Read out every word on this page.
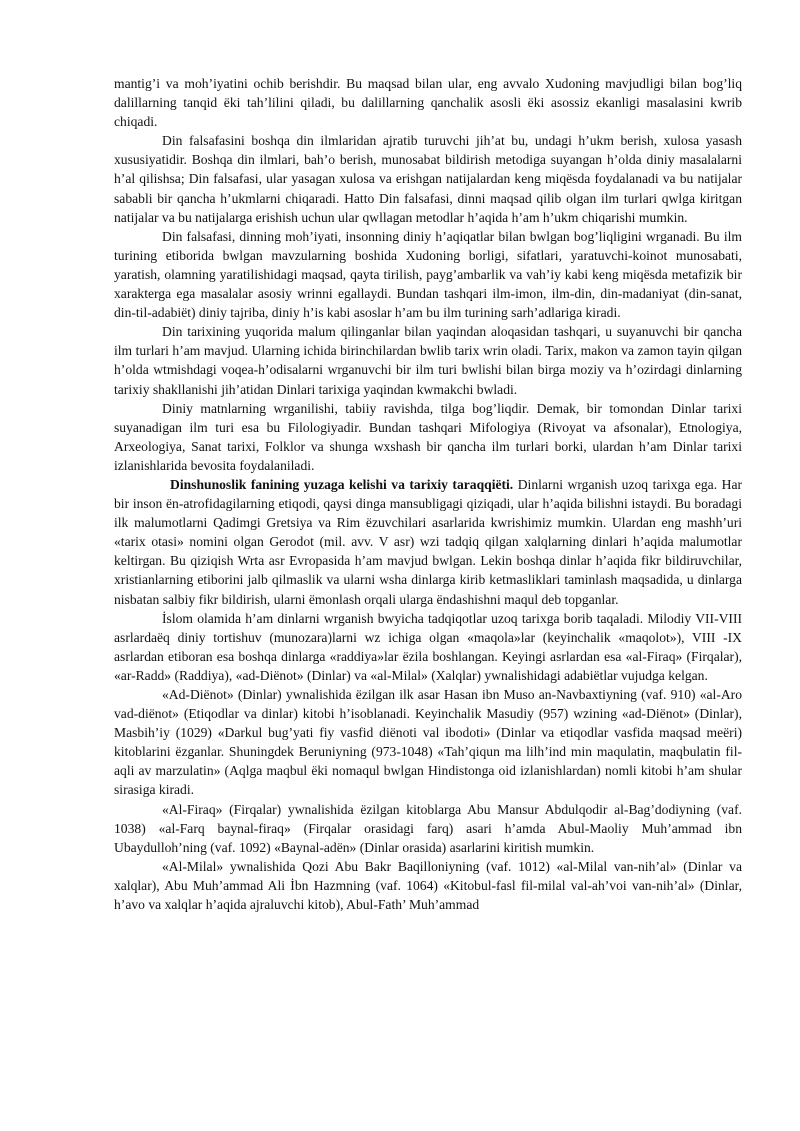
mantig’i va moh’iyatini ochib berishdir. Bu maqsad bilan ular, eng avvalo Xudoning mavjudligi bilan bog’liq dalillarning tanqid ёki tah’lilini qiladi, bu dalillarning qanchalik asosli ёki asossiz ekanligi masalasini kwrib chiqadi.

Din falsafasini boshqa din ilmlaridan ajratib turuvchi jih’at bu, undagi h’ukm berish, xulosa yasash xususiyatidir. Boshqa din ilmlari, bah’o berish, munosabat bildirish metodiga suyangan h’olda diniy masalalarni h’al qilishsa; Din falsafasi, ular yasagan xulosa va erishgan natijalardan keng miqёsda foydalanadi va bu natijalar sababli bir qancha h’ukmlarni chiqaradi. Hatto Din falsafasi, dinni maqsad qilib olgan ilm turlari qwlga kiritgan natijalar va bu natijalarga erishish uchun ular qwllagan metodlar h’aqida h’am h’ukm chiqarishi mumkin.

Din falsafasi, dinning moh’iyati, insonning diniy h’aqiqatlar bilan bwlgan bog’liqligini wrganadi. Bu ilm turining etiborida bwlgan mavzularning boshida Xudoning borligi, sifatlari, yaratuvchi-koinot munosabati, yaratish, olamning yaratilishidagi maqsad, qayta tirilish, payg’ambarlik va vah’iy kabi keng miqёsda metafizik bir xarakterga ega masalalar asosiy wrinni egallaydi. Bundan tashqari ilm-imon, ilm-din, din-madaniyat (din-sanat, din-til-adabiёt) diniy tajriba, diniy h’is kabi asoslar h’am bu ilm turining sarh’adlariga kiradi.

Din tarixining yuqorida malum qilinganlar bilan yaqindan aloqasidan tashqari, u suyanuvchi bir qancha ilm turlari h’am mavjud. Ularning ichida birinchilardan bwlib tarix wrin oladi. Tarix, makon va zamon tayin qilgan h’olda wtmishdagi voqea-h’odisalarni wrganuvchi bir ilm turi bwlishi bilan birga moziy va h’ozirdagi dinlarning tarixiy shakllanishi jih’atidan Dinlari tarixiga yaqindan kwmakchi bwladi.

Diniy matnlarning wrganilishi, tabiiy ravishda, tilga bog’liqdir. Demak, bir tomondan Dinlar tarixi suyanadigan ilm turi esa bu Filologiyadir. Bundan tashqari Mifologiya (Rivoyat va afsonalar), Etnologiya, Arxeologiya, Sanat tarixi, Folklor va shunga wxshash bir qancha ilm turlari borki, ulardan h’am Dinlar tarixi izlanishlarida bevosita foydalaniladi.

Dinshunoslik fanining yuzaga kelishi va tarixiy taraqqiёti. Dinlarni wrganish uzoq tarixga ega. Har bir inson ёn-atrofidagilarning etiqodi, qaysi dinga mansubligagi qiziqadi, ular h’aqida bilishni istaydi. Bu boradagi ilk malumotlarni Qadimgi Gretsiya va Rim ёzuvchilari asarlarida kwrishimiz mumkin. Ulardan eng mashh’uri «tarix otasi» nomini olgan Gerodot (mil. avv. V asr) wzi tadqiq qilgan xalqlarning dinlari h’aqida malumotlar keltirgan. Bu qiziqish Wrta asr Evropasida h’am mavjud bwlgan. Lekin boshqa dinlar h’aqida fikr bildiruvchilar, xristianlarning etiborini jalb qilmaslik va ularni wsha dinlarga kirib ketmasliklari taminlash maqsadida, u dinlarga nisbatan salbiy fikr bildirish, ularni ёmonlash orqali ularga ёndashishni maqul deb topganlar.

İslom olamida h’am dinlarni wrganish bwyicha tadqiqotlar uzoq tarixga borib taqaladi. Milodiy VII-VIII asrlardaёq diniy tortishuv (munozara)larni wz ichiga olgan «maqola»lar (keyinchalik «maqolot»), VIII -IX asrlardan etiboran esa boshqa dinlarga «raddiya»lar ёzila boshlangan. Keyingi asrlardan esa «al-Firaq» (Firqalar), «ar-Radd» (Raddiya), «ad-Diёnot» (Dinlar) va «al-Milal» (Xalqlar) ywnalishidagi adabiёtlar vujudga kelgan.

«Ad-Diёnot» (Dinlar) ywnalishida ёzilgan ilk asar Hasan ibn Muso an-Navbaxtiyning (vaf. 910) «al-Aro vad-diёnot» (Etiqodlar va dinlar) kitobi h’isoblanadi. Keyinchalik Masudiy (957) wzining «ad-Diёnot» (Dinlar), Masbih’iy (1029) «Darkul bug’yati fiy vasfid diёnoti val ibodoti» (Dinlar va etiqodlar vasfida maqsad meёri) kitoblarini ёzganlar. Shuningdek Beruniyning (973-1048) «Tah’qiqun ma lilh’ind min maqulatin, maqbulatin fil-aqli av marzulatin» (Aqlga maqbul ёki nomaqul bwlgan Hindistonga oid izlanishlardan) nomli kitobi h’am shular sirasiga kiradi.

«Al-Firaq» (Firqalar) ywnalishida ёzilgan kitoblarga Abu Mansur Abdulqodir al-Bag’dodiyning (vaf. 1038) «al-Farq baynal-firaq» (Firqalar orasidagi farq) asari h’amda Abul-Maoliy Muh’ammad ibn Ubaydulloh’ning (vaf. 1092) «Baynal-adёn» (Dinlar orasida) asarlarini kiritish mumkin.

«Al-Milal» ywnalishida Qozi Abu Bakr Baqilloniyning (vaf. 1012) «al-Milal van-nih’al» (Dinlar va xalqlar), Abu Muh’ammad Ali İbn Hazmning (vaf. 1064) «Kitobul-fasl fil-milal val-ah’voi van-nih’al» (Dinlar, h’avo va xalqlar h’aqida ajraluvchi kitob), Abul-Fath’ Muh’ammad
